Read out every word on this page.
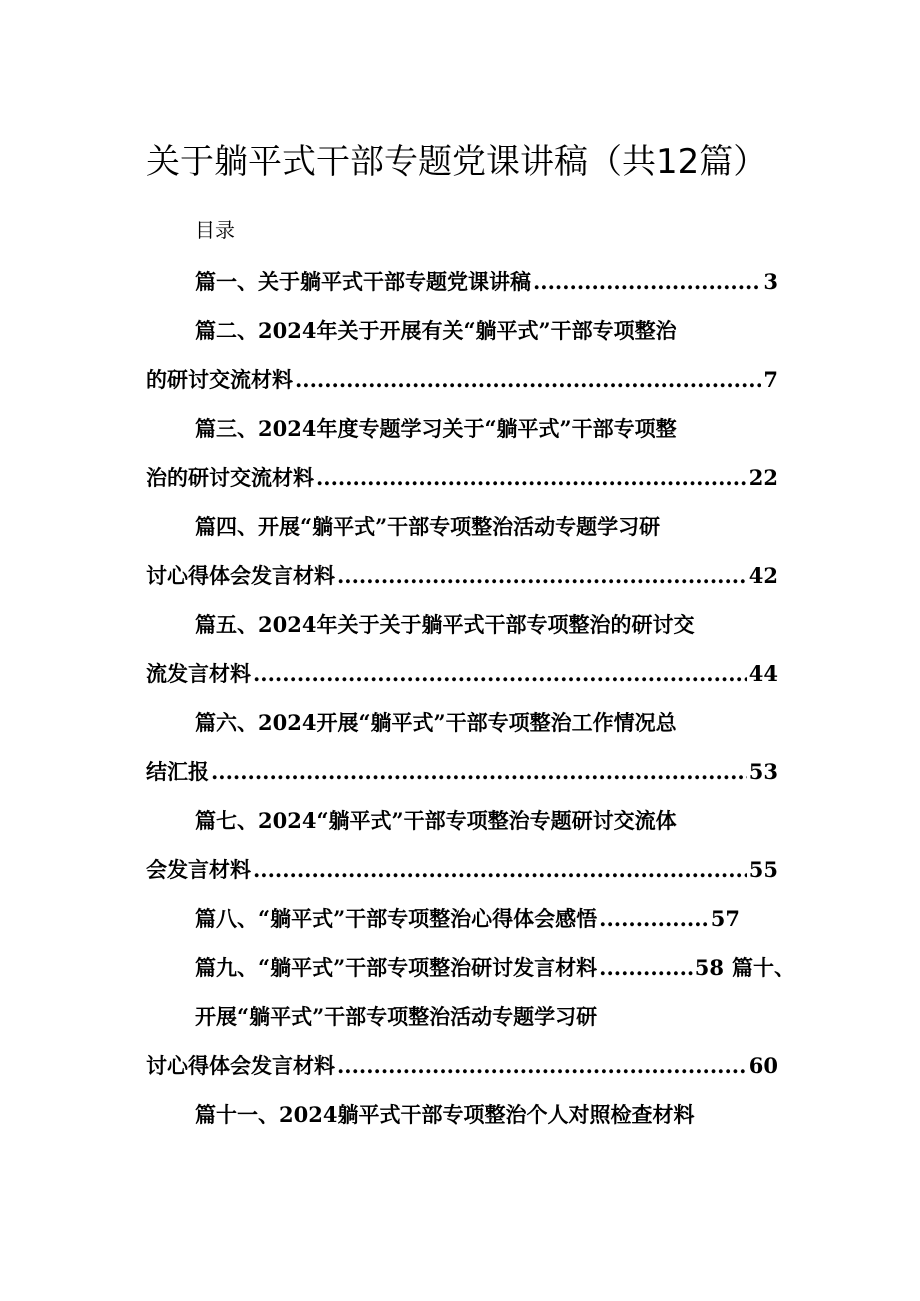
关于躺平式干部专题党课讲稿（共12篇）
目录
篇一、关于躺平式干部专题党课讲稿 .....	3
篇二、2024年关于开展有关“躺平式”干部专项整治
的研讨交流材料 .....	7
篇三、2024年度专题学习关于“躺平式”干部专项整
治的研讨交流材料 .....	22
篇四、开展“躺平式”干部专项整治活动专题学习研
讨心得体会发言材料 .....	42
篇五、2024年关于关于躺平式干部专项整治的研讨交
流发言材料 .....	44
篇六、2024开展“躺平式”干部专项整治工作情况总
结汇报 .....	53
篇七、2024“躺平式”干部专项整治专题研讨交流体
会发言材料 .....	55
篇八、“躺平式”干部专项整治心得体会感悟 .....	57
篇九、“躺平式”干部专项整治研讨发言材料 .....	58 篇十、
开展“躺平式”干部专项整治活动专题学习研
讨心得体会发言材料 .....	60
篇十一、2024躺平式干部专项整治个人对照检查材料
